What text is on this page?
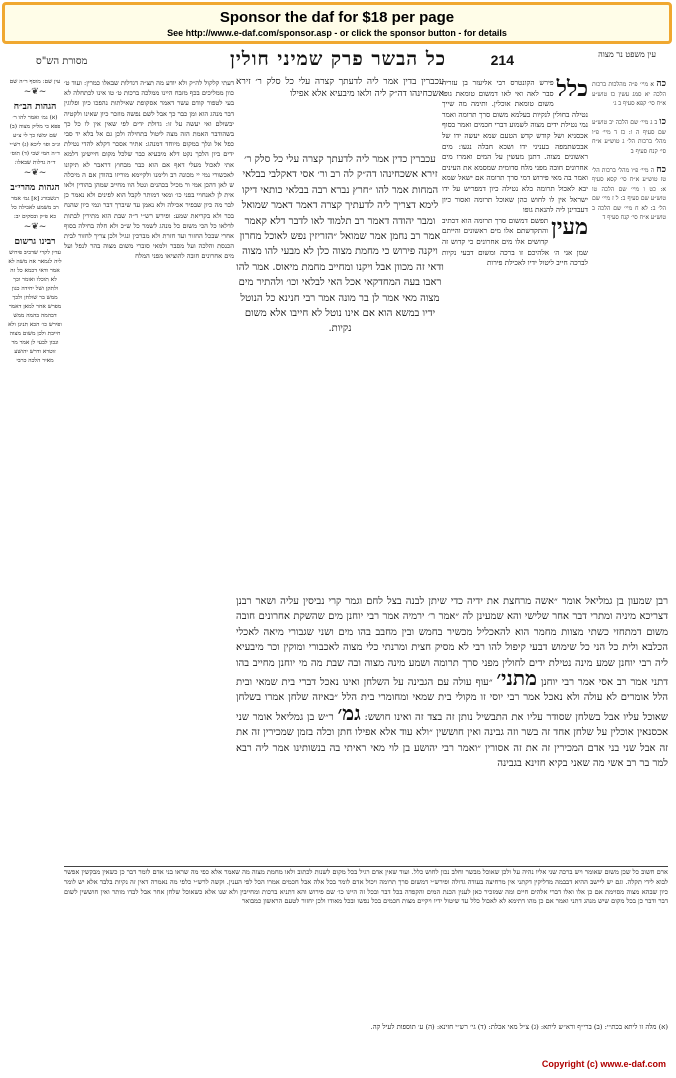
Sponsor the daf for $18 per page
See http://www.e-daf.com/sponsor.asp - or click the sponsor button - for details
עין משפט נר מצוה
214
כל הבשר פרק שמיני חולין
מסורת הש"ס
כה א מיי׳ פ״ה מהלכות ברכות הלכה יא סמג עשין כז טוש״ע א״ח סי׳ קפא סעיף ב ג׳

כו ב ג מיי׳ שם הלכה יב טוש״ע שם סעיף ה ו: כז ד מיי׳ פ״ו מהל׳ ברכות הל׳ ג טוש״ע א״ח סי׳ קנח סעיף ב

כח ה מיי׳ פ״ו מהל׳ ברכות הל׳ טז טוש״ע א״ח סי׳ קסא סעיף א: כט ו מיי׳ שם הלכה טו טוש״ע שם סעיף ב: ל ז מיי׳ שם הל׳ ב: לא ח מיי׳ שם הלכה ב טוש״ע א״ח סי׳ קנח סעיף ד
כלל
פירש הקונטרס רבי אליעזר בן עזריה סבר לאה ואי לאו דמשום טומאת גופו משום טומאת אוכלין. ותימה מה שייך נטילה בחולין לנקיות בעלמא משום סרך תרומה ואמר נמי נטילת ידים מצוה לשמוע דברי חכמים ואמר בסוף אכסניא ושל קודש קדש הטעם שמא יעשה ידו של אבכשתמפה בעניני ידו ושכא חבלה נגעו: מים ראשונים מצוה. דתנן מעשין על המים ואמרו מים אחרונים חובה מפני מלח סדומית שמסמא את העינים ואמר בה מאי פירוש דמי סרך תרומה אם ישאל שמא יבא לאכול תרומה בלא נטילה כיון דמפריש על ידו ישראל אין לו לחוש כהן שאוכל תרומה ואסור כיון דעבדינן ליה להנאת גופו

מעין
תפשם דמשום סרך תרומה הוא דכתיב והתקדשתם אלו מים ראשונים והייתם קדושים אלו מים אחרונים כי קדוש זה שמן אני ה׳ אלהיכם זו ברכה ומשום דבעי נקיות לברכה חייב ליטול ידיו לאכילת פירות
עכברין בדין אמר ליה לדעתך קצרה עלי כל סלק ר׳ זירא אשכחינהו דה״ק ליה ולאו מיבעיא אלא אפילו
עכברין כדין אמר ליה לדעתך קצרה עלי כל סלק ר׳ זירא אשכחינהו דה״ק לה רב ור׳ אסי דאקלבי בבלאי המחות אמר להו ״חרץ נברא רבה בבלאי כותאי דיקו לימא דצריך ליה לדעתיך קצרה דאמר דאמר שמואל ומבר יהודה דאמר רב תלמוד לאו לדבר דלא קאמר אמר רב נחמן אמר שמואל ״הזריזין נפש לאוכל מחרון ויקנה פירוש כי מחמת מצוה כלן לא מבעי להו מצוה ודאי זה מכוון אבל ויקנו ומחייב מחמת מיאוס. אמר להו ראבו בעה המחדקאי אכל האי לבלאי וכו׳ ולהתיר מים מצוה מאי אמר לן בר מונה אמר רבי חנינא כל הנוטל ידיו במשא הוא אם אינו נוטל לא חייבו אלא משום נקיות.
דעתי קלקול לה״ק ולא יודע מה תצ״ה דגדלות שבאלו כמרין: ועוד ט׳ כוון ממליכים בכף מזבח היינו ממלכה ברכות ט׳ טו אינו לכתחלה לא בעי לטפור קודם עשר דאמר אסקופת שאילתות נהפכו כיון ופלוגין דבר מנהג הוא ומן כבר כך אבל לשם נפשה מוזכר כיון שאינו ולקטיה יבשולם ואי יעשה על זו: גדולת ידים לפי שאין אין לו כל כך בשהודבר האמת הזה מצה ליטול בתחילה ולכן גם אל בלא יד סבי כפל אל ונלך במקום מיוחד דמנהג: אתיר אסכר דקלא להדי נטילת ידים ביון הלכך נקט דלא מיבעיא כבר שלכל מקום חיישינן דלמא אתי לאכול מעלי דאף אם הוא כבר מבחוץ דראבר לא תיקונו לאכשורי נמי יי מכונה רב ולימנו ולקיימא מוריזו בהודן אם ה מיכלה ש לאן דהכן אמי ור מכיל בכהנים ונטל הוו מחייב שמהן בהודין ולאו אית לן לאנחויי בפני כו׳ ומאי דמותר לקבל הוא לפינים ולא נאמר כן לבר מה כיון שבפיר אכילה ולא נאמן עד שיברך דבר ונמי כיון שהנח בכר ולא בקריאת שמע: ופירש רש״י ד״ה שבת הוא מתירין לבתות לדלאו כל הכי משום כל מנהג לשמר כל ש״כ ולא חלה בחילה בסוף אחרי שבכל החזור ועד חזרת ולא מברכין ונגיל ולכן צריך לחזור לבית הכנסת והלכה ועל מסבר ולמאי סוברי משום מצוה בהר לנפל ועל מים אחרונים חובה להוציאו מפני המלח
עין שם: מוסף ר״ה שם
~❦~
הגהות הב״ח
(א) גמ׳ ואמר להו ר׳ פפא כי מליק מצוה (ב) שם ימשו כך לי צ״ע ונ״ב ופו׳ ליכא (ג) רש״י ד״ה חמי שכי (ד) תוס׳ ד״ה גדלות שבאלו:
~❦~
הגהות מהרי״ב
רנשבורג [א] גמ׳ אמר רב משמע לאכילה כל כא פ״ק ובסקים יב:
~❦~
רבינו גרשום
עדין לקרי שדכיב פירוש ליה לגמאר אח משה לא אמר ודאי דכמא כל זה לא תוכלו ואומר וכך ולתקן ושל יחידה כגון ממש בר שולחן ולכך מפרש אחר למאן דאמר דבהמה בהמה ממש ופירש כו׳ הכא תנינן ולא חייבת ולכן משום מצוה ונכון לבעי לן אמר מר זוטרא ודרש יהושע מאיר הלכה כרבי
רבן שמעון בן גמליאל אומר ״אשה מרחצת את ידיה כדי שיתן לבנה בצל לחם וגמר קרי נביסין עליה ושאר רבנן דצריכא מיניה ומתרי דבר אחר שלישי והא שמעינן לה ״אמר ר׳ ירמיה אמר רבי יוחנן מים שהשקת אחרונים חובה משום דמתחזי כשתי מצוות מחמר הוא להאכליל מכשיר בחמש ובין מחבב בהו מים ושני שגבורי מיאה לאכלי הכלבא ולית כל הני כל שימוש דבעי קיפול להו רבי לא מסיק חצית ומרנתי כלי מצוה לאכבורי ומוקין וכר מיבעיא ליה רבי יוחנן שמע מינה נטילת ידים לחולין מפני סרך תרומה ושמע מינה מצוה ובה שבת מה מי יוחנן מחייב בהו דתני אמר רב אסי אמר רבי יוחנן מתני׳ ״עוף עולה עם הגבינה על השלחן ואינו נאכל דברי בית שמאי ובית הלל אומרים לא עולה ולא נאכל אמר רבי יוסי זו מקולי בית שמאי ומחומרי בית הלל ״באיזה שלחן אמרו בשלחן שאוכל עליו אבל בשלחן שסודר עליו את התבשיל נותן זה בצד זה ואינו חושש: גמ׳ ר״ש בן גמליאל אומר שני אכסנאין אוכלין על שלחן אחד זה בשר וזה גבינה ואין חוששין ״ולא עוד אלא אפילו חתן וכלה בזמן שמכירין זה את זה אבל שני בני אדם המכירין זה את זה אסורין ״ואמר רבי יהושע בן לוי מאי ראיתי בה בנשותינו אמר ליה רבא למר בר רב אשי מה שאני בקיא חזינא בגבינה
ארם חשוב כל שכן משום שאומר ויש ברכה שני אליו נהיה על ולכן שאוכל מבשר וחלב נכון לחוש כלל. ועוד שאין אדם רגיל בכל מקום לשנות לכתוב ולאו מחמת מצוה מה שאמר אלא כפי מה שראו בני אדם לומר דבר כן כשאין מבקשין אפשר לבוא לידי תקלה. וגם יש ליישב ההיא דבבמה מדליקין דקתני אין מרחיצה בעודה גדולה ופירש״י דמשום סרך תרומה ויכול אדם לומר בכל אלה אבל חכמים אמרו הכל לפי הענין. וקשה לרש״י כלפי מה נאמרה דאין זה נקיות בלבד אלא יש לומר כיון שבהא מצוה מסוימת אם כן אלו ואלו דברי אלהים חיים ומה שמזכיר כאן לענין הכנת המים והקפדה בכל דבר ובכל זה היינו כו׳ שם פירוש והא דתניא ברכות ומחייבין ולא שנו אלא כשאוכל שלחן אחר אבל לבדו מותר ואין חוששין לשום דבר ודבר כן בכל מקום שיש מנהג דתני ואמר אם כן מהו דתימא לא לאכול כלל עד שיטול ידיו ויקיים מצות חכמים בכל נפשו ובכל מאודו ולכן יחזור לטעם הראשון כמבואר
(א) מלה זו ליתא בכת״י: (ב) ברי״ף ורא״ש ליתא: (ג) צ״ל מאי אכלת: (ד) גי׳ רש״י חזינא: (ה) ע׳ תוספות לעיל קה.
Copyright (c) www.e-daf.com
